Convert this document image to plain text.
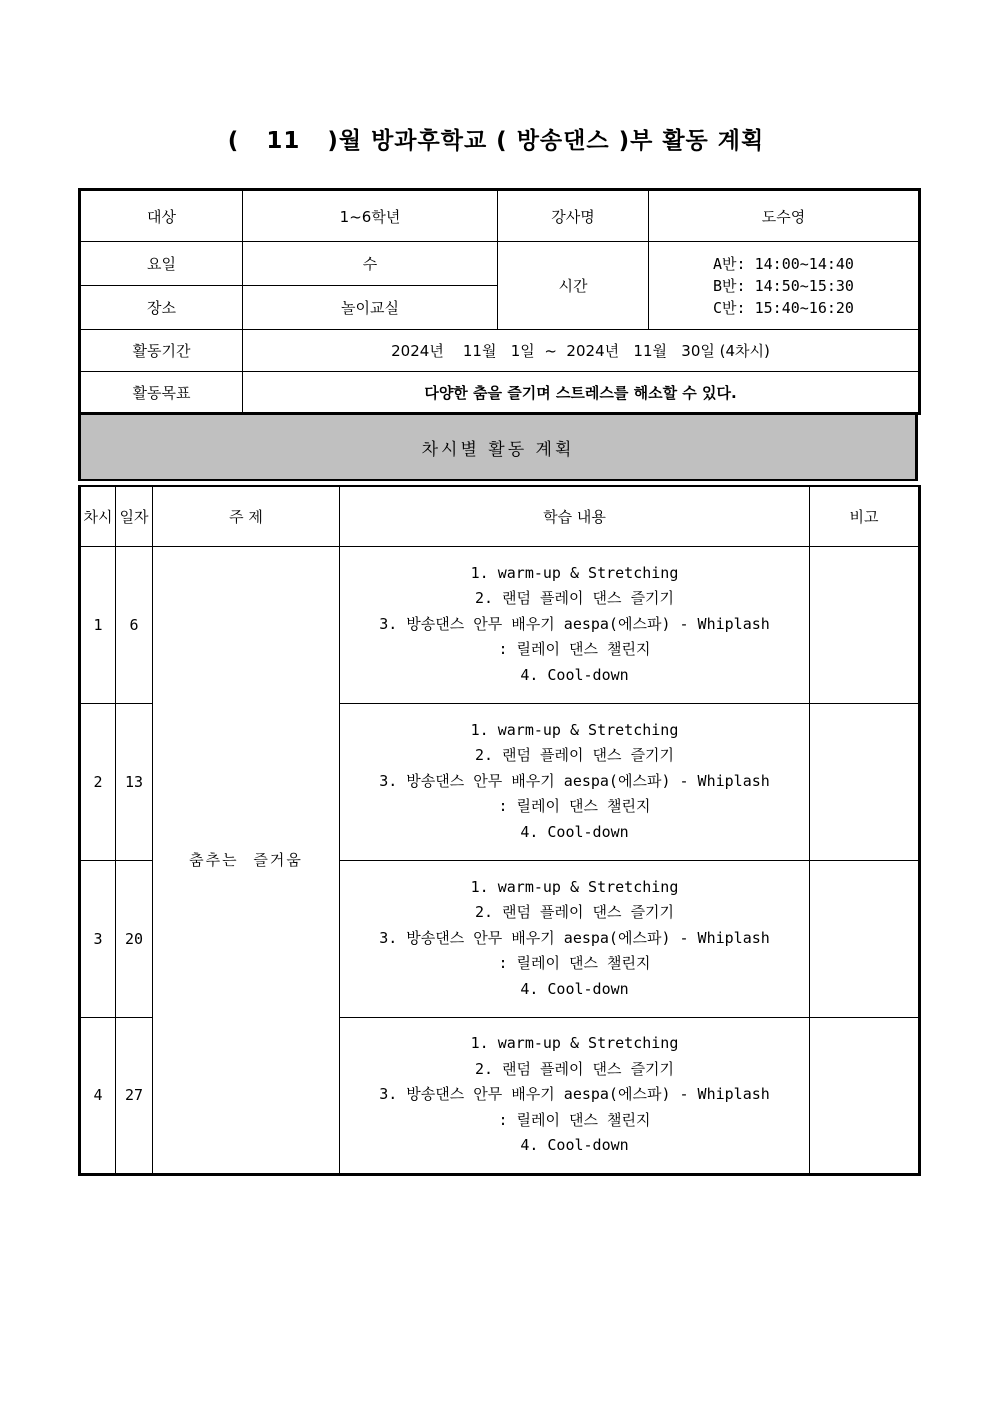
(   11   )월 방과후학교 ( 방송댄스 )부 활동 계획
대상	1~6학년	강사명	도수영
요일	수	시간	A반: 14:00~14:40
B반: 14:50~15:30
C반: 15:40~16:20

장소	놀이교실		
활동기간	2024년    11월   1일  ~  2024년   11월   30일 (4차시)		
활동목표	다양한 춤을 즐기며 스트레스를 해소할 수 있다.		
차시별 활동 계획
차시	일자	주 제	학습 내용	비고
1	6	춤추는 즐거움	1. warm-up & Stretching
2. 랜덤 플레이 댄스 즐기기
3. 방송댄스 안무 배우기 aespa(에스파) - Whiplash
: 릴레이 댄스 챌린지
4. Cool-down	

2	13		1. warm-up & Stretching
2. 랜덤 플레이 댄스 즐기기
3. 방송댄스 안무 배우기 aespa(에스파) - Whiplash
: 릴레이 댄스 챌린지
4. Cool-down	

3	20		1. warm-up & Stretching
2. 랜덤 플레이 댄스 즐기기
3. 방송댄스 안무 배우기 aespa(에스파) - Whiplash
: 릴레이 댄스 챌린지
4. Cool-down	

4	27		1. warm-up & Stretching
2. 랜덤 플레이 댄스 즐기기
3. 방송댄스 안무 배우기 aespa(에스파) - Whiplash
: 릴레이 댄스 챌린지
4. Cool-down	
